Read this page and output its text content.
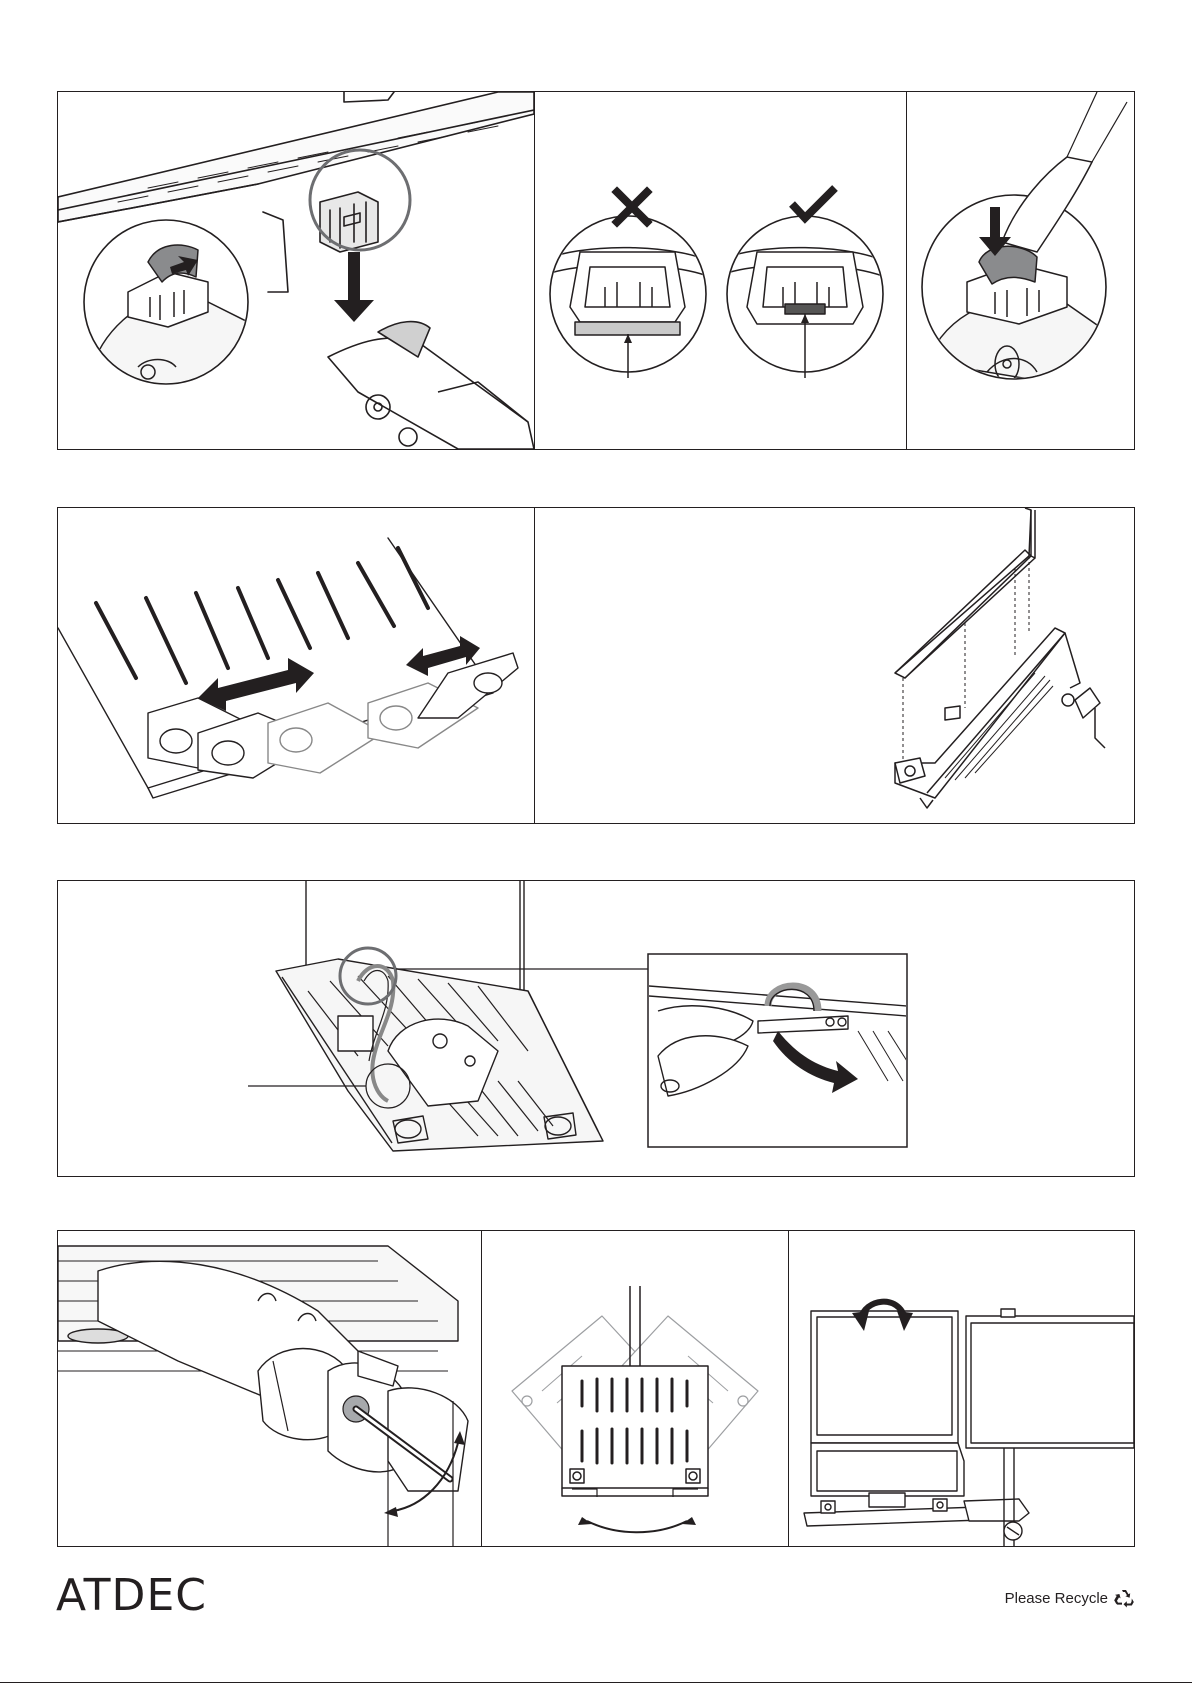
ATDEC	Please Recycle
